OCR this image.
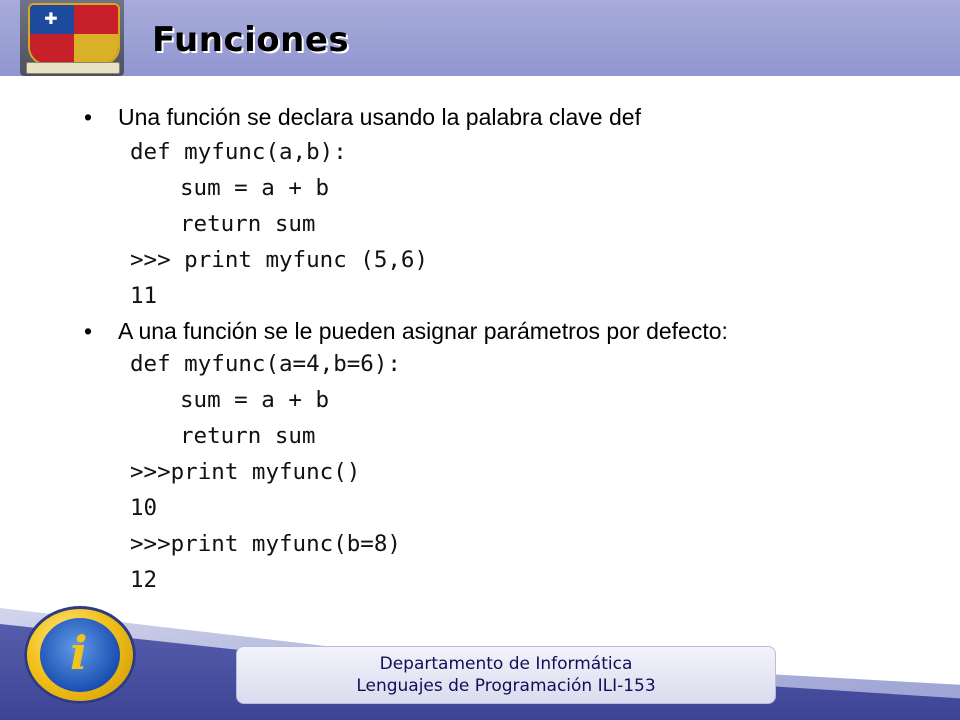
✚
Funciones
• Una función se declara usando la palabra clave def
def myfunc(a,b):
sum = a + b
return sum
>>> print myfunc (5,6)
11
• A una función se le pueden asignar parámetros por defecto:
def myfunc(a=4,b=6):
sum = a + b
return sum
>>>print myfunc()
10
>>>print myfunc(b=8)
12
i	Departamento de Informática
Lenguajes de Programación ILI-153
